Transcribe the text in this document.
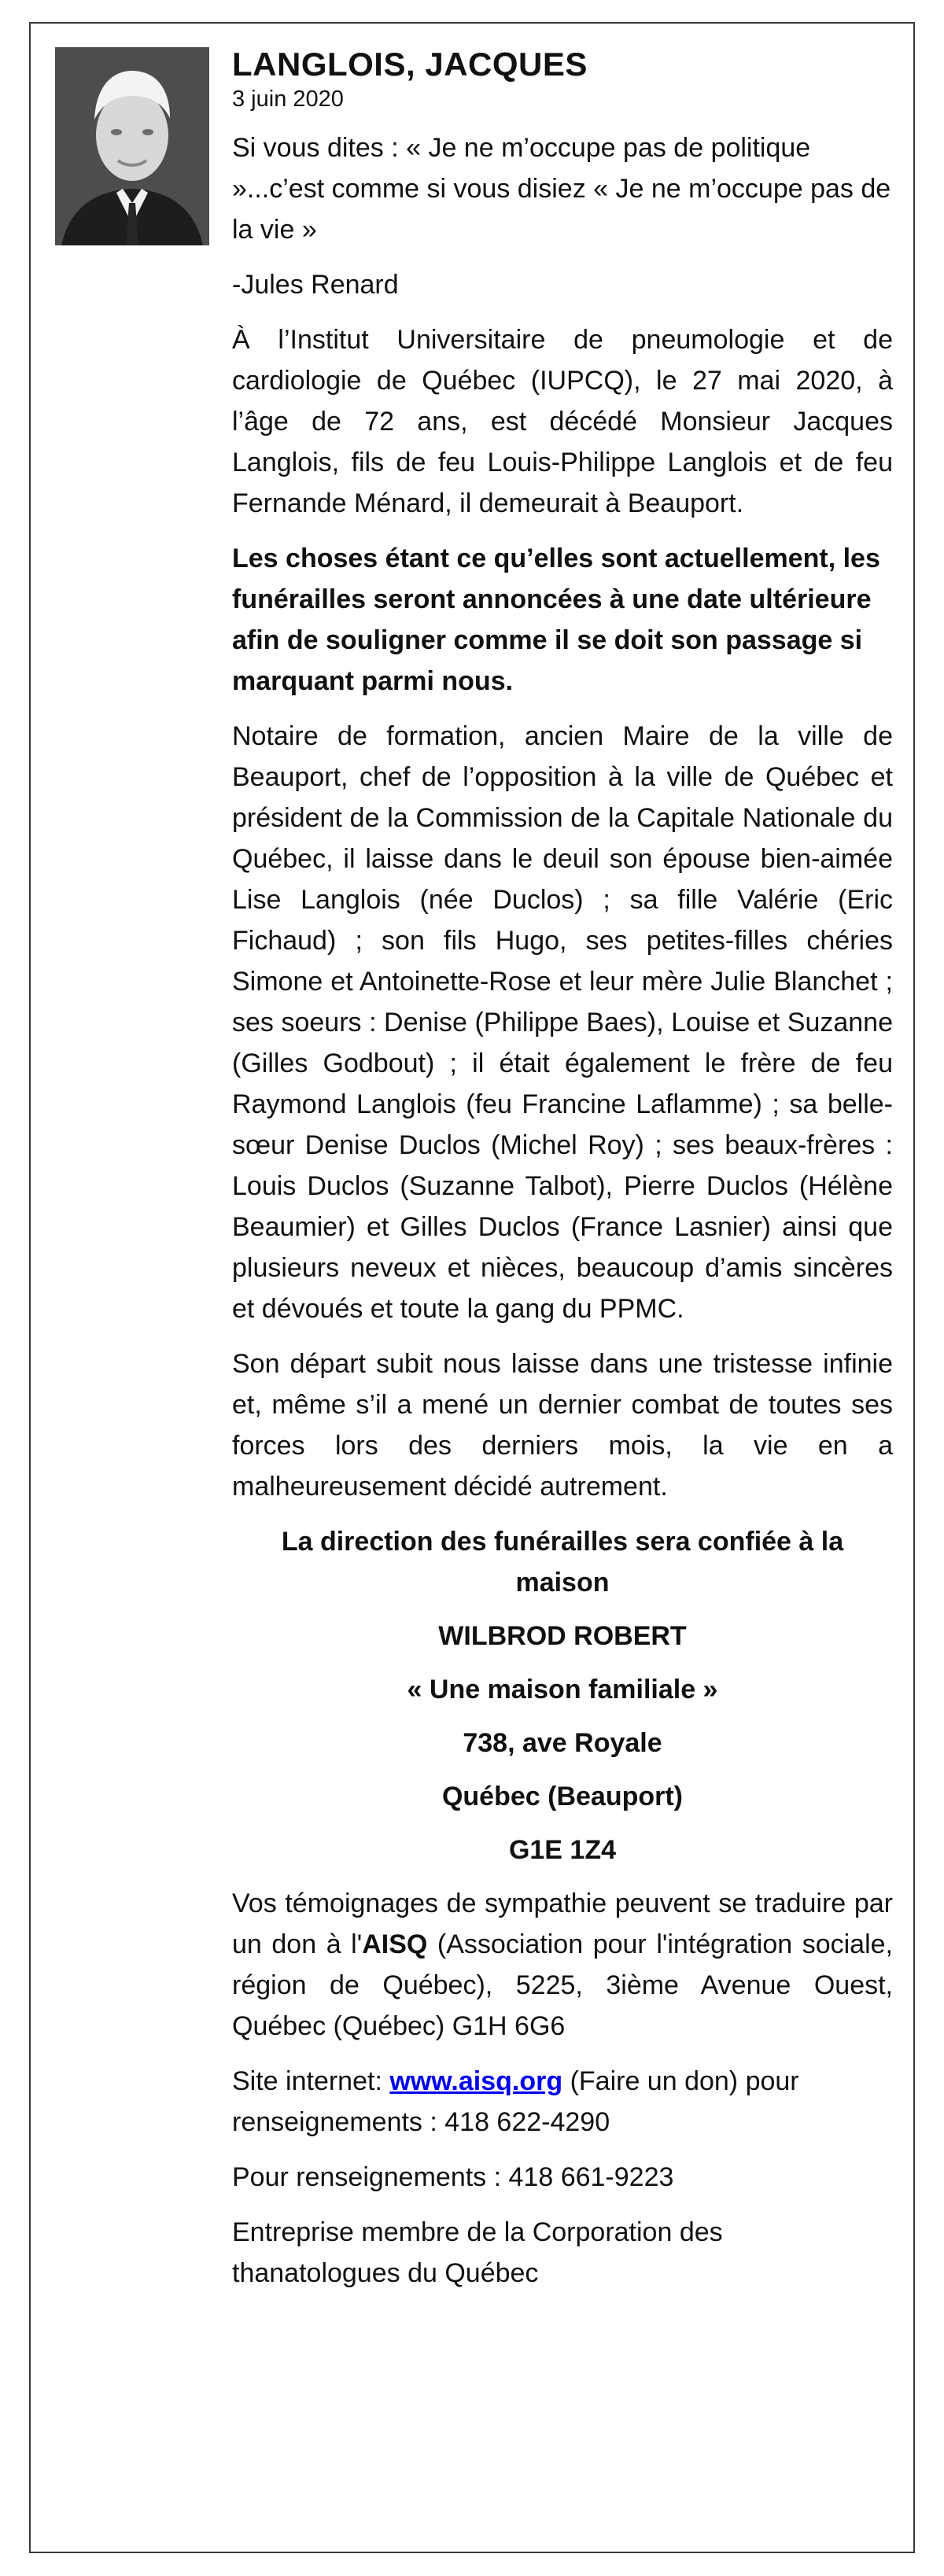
LANGLOIS, JACQUES
3 juin 2020

Si vous dites : « Je ne m’occupe pas de politique »...c’est comme si vous disiez « Je ne m’occupe pas de la vie »

-Jules Renard

À l’Institut Universitaire de pneumologie et de cardiologie de Québec (IUPCQ), le 27 mai 2020, à l’âge de 72 ans, est décédé Monsieur Jacques Langlois, fils de feu Louis-Philippe Langlois et de feu Fernande Ménard, il demeurait à Beauport.

Les choses étant ce qu’elles sont actuellement, les funérailles seront annoncées à une date ultérieure afin de souligner comme il se doit son passage si marquant parmi nous.

Notaire de formation, ancien Maire de la ville de Beauport, chef de l’opposition à la ville de Québec et président de la Commission de la Capitale Nationale du Québec, il laisse dans le deuil son épouse bien-aimée Lise Langlois (née Duclos) ; sa fille Valérie (Eric Fichaud) ; son fils Hugo, ses petites-filles chéries Simone et Antoinette-Rose et leur mère Julie Blanchet ; ses soeurs : Denise (Philippe Baes), Louise et Suzanne (Gilles Godbout) ; il était également le frère de feu Raymond Langlois (feu Francine Laflamme) ; sa belle-sœur Denise Duclos (Michel Roy) ; ses beaux-frères : Louis Duclos (Suzanne Talbot), Pierre Duclos (Hélène Beaumier) et Gilles Duclos (France Lasnier) ainsi que plusieurs neveux et nièces, beaucoup d’amis sincères et dévoués et toute la gang du PPMC.

Son départ subit nous laisse dans une tristesse infinie et, même s’il a mené un dernier combat de toutes ses forces lors des derniers mois, la vie en a malheureusement décidé autrement.

La direction des funérailles sera confiée à la maison
WILBROD ROBERT
« Une maison familiale »
738, ave Royale
Québec (Beauport)
G1E 1Z4

Vos témoignages de sympathie peuvent se traduire par un don à l'AISQ (Association pour l'intégration sociale, région de Québec), 5225, 3ième Avenue Ouest, Québec (Québec) G1H 6G6

Site internet: www.aisq.org (Faire un don) pour renseignements : 418 622-4290

Pour renseignements : 418 661-9223

Entreprise membre de la Corporation des thanatologues du Québec
